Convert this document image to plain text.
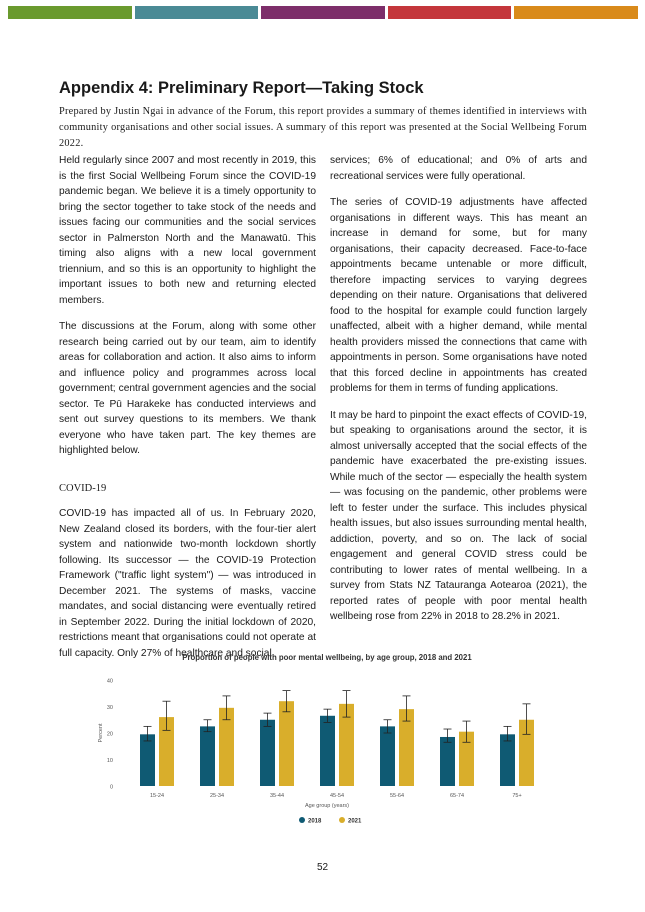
Appendix 4: Preliminary Report—Taking Stock

Prepared by Justin Ngai in advance of the Forum, this report provides a summary of themes identified in interviews with community organisations and other social issues. A summary of this report was presented at the Social Wellbeing Forum 2022.

Held regularly since 2007 and most recently in 2019, this is the first Social Wellbeing Forum since the COVID-19 pandemic began. We believe it is a timely opportunity to bring the sector together to take stock of the needs and issues facing our communities and the social services sector in Palmerston North and the Manawatū. This timing also aligns with a new local government triennium, and so this is an opportunity to highlight the important issues to both new and returning elected members.

The discussions at the Forum, along with some other research being carried out by our team, aim to identify areas for collaboration and action. It also aims to inform and influence policy and programmes across local government; central government agencies and the social sector. Te Pū Harakeke has conducted interviews and sent out survey questions to its members. We thank everyone who have taken part. The key themes are highlighted below.

COVID-19

COVID-19 has impacted all of us. In February 2020, New Zealand closed its borders, with the four-tier alert system and nationwide two-month lockdown shortly following. Its successor — the COVID-19 Protection Framework ("traffic light system") — was introduced in December 2021. The systems of masks, vaccine mandates, and social distancing were eventually retired in September 2022. During the initial lockdown of 2020, restrictions meant that organisations could not operate at full capacity. Only 27% of healthcare and social

services; 6% of educational; and 0% of arts and recreational services were fully operational.

The series of COVID-19 adjustments have affected organisations in different ways. This has meant an increase in demand for some, but for many organisations, their capacity decreased. Face-to-face appointments became untenable or more difficult, therefore impacting services to varying degrees depending on their nature. Organisations that delivered food to the hospital for example could function largely unaffected, albeit with a higher demand, while mental health providers missed the connections that came with appointments in person. Some organisations have noted that this forced decline in appointments has created problems for them in terms of funding applications.

It may be hard to pinpoint the exact effects of COVID-19, but speaking to organisations around the sector, it is almost universally accepted that the social effects of the pandemic have exacerbated the pre-existing issues. While much of the sector — especially the health system — was focusing on the pandemic, other problems were left to fester under the surface. This includes physical health issues, but also issues surrounding mental health, addiction, poverty, and so on. The lack of social engagement and general COVID stress could be contributing to lower rates of mental wellbeing. In a survey from Stats NZ Tatauranga Aotearoa (2021), the reported rates of people with poor mental health wellbeing rose from 22% in 2018 to 28.2% in 2021.

Proportion of people with poor mental wellbeing, by age group, 2018 and 2021
0
10
20
30
40
Percent
15-24	25-34	35-44	45-54	55-64	65-74	75+
Age group (years)
2018	2021
52
